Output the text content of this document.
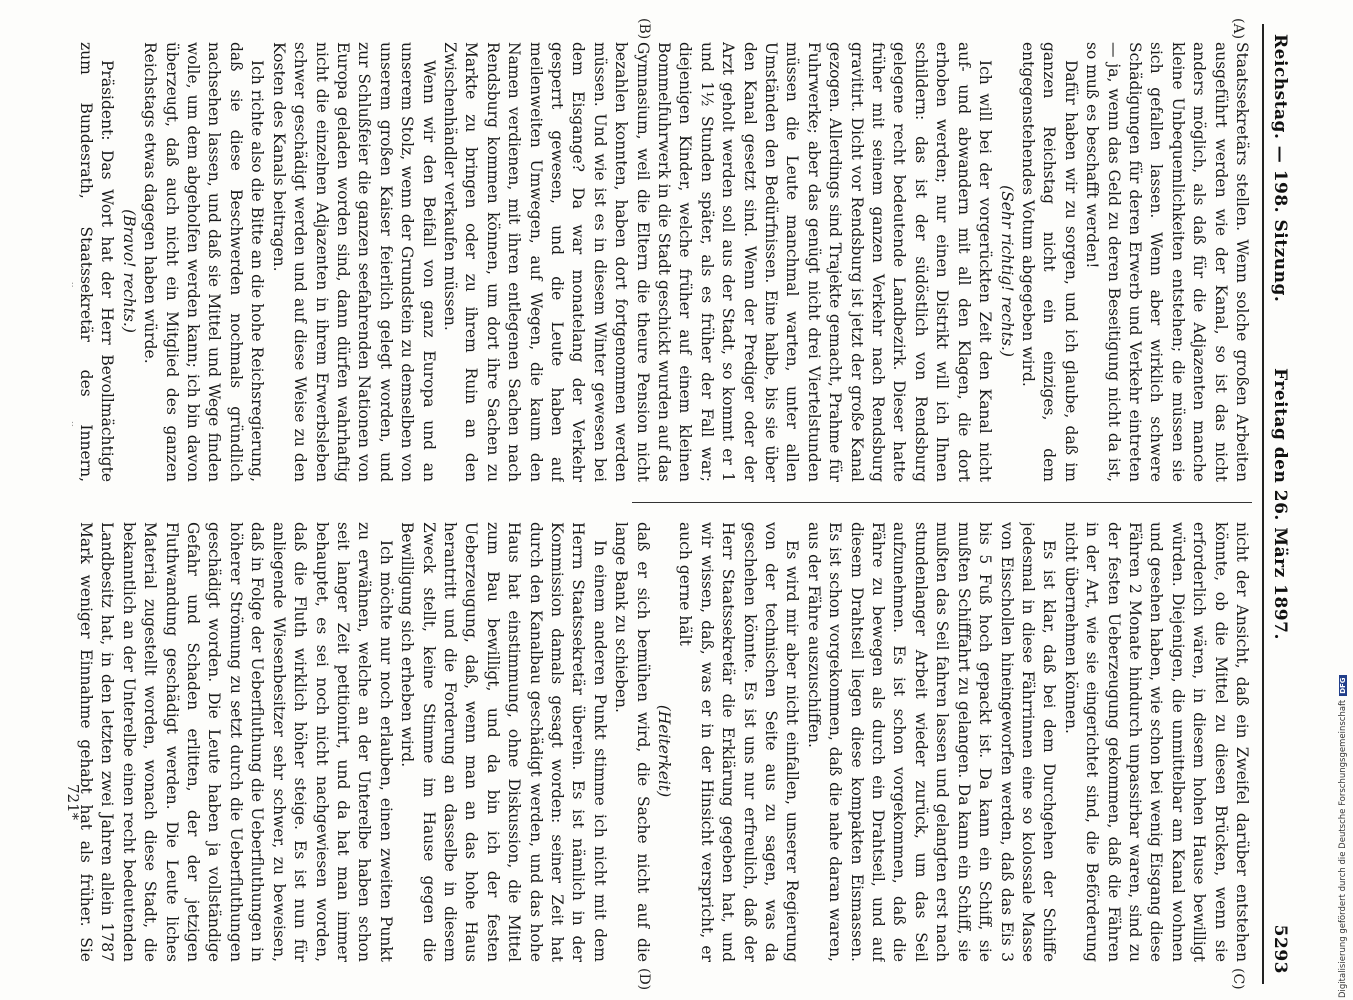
Reichstag. — 198. Sitzung.
Freitag den 26. März 1897.
5293
(A)
(B)
(C)
(D)

Staatssekretärs stellen. Wenn solche großen Arbeiten ausgeführt werden wie der Kanal, so ist das nicht anders möglich, als daß für die Adjazenten manche kleine Unbequemlichkeiten entstehen; die müssen sie sich gefallen lassen. Wenn aber wirklich schwere Schädigungen für deren Erwerb und Verkehr eintreten — ja, wenn das Geld zu deren Beseitigung nicht da ist, so muß es beschafft werden!

Dafür haben wir zu sorgen, und ich glaube, daß im ganzen Reichstag nicht ein einziges, dem entgegenstehendes Votum abgegeben wird.

(Sehr richtig! rechts.)

Ich will bei der vorgerückten Zeit den Kanal nicht auf- und abwandern mit all den Klagen, die dort erhoben werden; nur einen Distrikt will ich Ihnen schildern: das ist der südöstlich von Rendsburg gelegene recht bedeutende Landbezirk. Dieser hatte früher mit seinem ganzen Verkehr nach Rendsburg gravitirt. Dicht vor Rendsburg ist jetzt der große Kanal gezogen. Allerdings sind Trajekte gemacht, Prahme für Fuhrwerke; aber das genügt nicht drei Viertelstunden müssen die Leute manchmal warten, unter allen Umständen den Bedürfnissen. Eine halbe, bis sie über den Kanal gesetzt sind. Wenn der Prediger oder der Arzt geholt werden soll aus der Stadt, so kommt er 1 und 1½ Stunden später, als es früher der Fall war; diejenigen Kinder, welche früher auf einem kleinen Bommelfuhrwerk in die Stadt geschickt wurden auf das Gymnasium, weil die Eltern die theure Pension nicht bezahlen konnten, haben dort fortgenommen werden müssen. Und wie ist es in diesem Winter gewesen bei dem Eisgange? Da war monatelang der Verkehr gesperrt gewesen, und die Leute haben auf meilenweiten Umwegen, auf Wegen, die kaum den Namen verdienen, mit ihren entlegenen Sachen nach Rendsburg kommen können, um dort ihre Sachen zu Markte zu bringen oder zu ihrem Ruin an den Zwischenhändler verkaufen müssen.

Wenn wir den Beifall von ganz Europa und an unserem Stolz, wenn der Grundstein zu demselben von unserem großen Kaiser feierlich gelegt worden, und zur Schlußfeier die ganzen seefahrenden Nationen von Europa geladen worden sind, dann dürfen wahrhaftig nicht die einzelnen Adjazenten in ihrem Erwerbsleben schwer geschädigt werden und auf diese Weise zu den Kosten des Kanals beitragen.

Ich richte also die Bitte an die hohe Reichsregierung, daß sie diese Beschwerden nochmals gründlich nachsehen lassen, und daß sie Mittel und Wege finden wolle, um dem abgeholfen werden kann; ich bin davon überzeugt, daß auch nicht ein Mitglied des ganzen Reichstags etwas dagegen haben würde.

(Bravo! rechts.)

Präsident: Das Wort hat der Herr Bevollmächtigte zum Bundesrath, Staatssekretär des Innern,

nicht der Ansicht, daß ein Zweifel darüber entstehen könnte, ob die Mittel zu diesen Brücken, wenn sie erforderlich wären, in diesem hohen Hause bewilligt würden. Diejenigen, die unmittelbar am Kanal wohnen und gesehen haben, wie schon bei wenig Eisgang diese Fähren 2 Monate hindurch unpassirbar waren, sind zu der festen Ueberzeugung gekommen, daß die Fähren in der Art, wie sie eingerichtet sind, die Beförderung nicht übernehmen können.

Es ist klar, daß bei dem Durchgehen der Schiffe jedesmal in diese Fährrinnen eine so kolossale Masse von Eisschollen hineingeworfen werden, daß das Eis 3 bis 5 Fuß hoch gepackt ist. Da kann ein Schiff, sie mußten Schifffahrt zu gelangen. Da kann ein Schiff, sie mußten das Seil fahren lassen und gelangten erst nach stundenlanger Arbeit wieder zurück, um das Seil aufzunehmen. Es ist schon vorgekommen, daß die Fähre zu bewegen als durch ein Drahtseil, und auf diesem Drahtseil liegen diese kompakten Eismassen. Es ist schon vorgekommen, daß die nahe daran waren, aus der Fähre auszuschiffen.

Es wird mir aber nicht einfallen, unserer Regierung von der technischen Seite aus zu sagen, was da geschehen könnte. Es ist uns nur erfreulich, daß der Herr Staatssekretär die Erklärung gegeben hat, und wir wissen, daß, was er in der Hinsicht verspricht, er auch gerne hält

(Heiterkeit)

daß er sich bemühen wird, die Sache nicht auf die lange Bank zu schieben.

In einem anderen Punkt stimme ich nicht mit dem Herrn Staatssekretär überein. Es ist nämlich in der Kommission damals gesagt worden: seiner Zeit hat durch den Kanalbau geschädigt werden, und das hohe Haus hat einstimmung, ohne Diskussion, die Mittel zum Bau bewilligt, und da bin ich der festen Ueberzeugung, daß, wenn man an das hohe Haus herantritt und die Forderung an dasselbe in diesem Zweck stellt, keine Stimme im Hause gegen die Bewilligung sich erheben wird.

Ich möchte nur noch erlauben, einen zweiten Punkt zu erwähnen, welche an der Unterelbe haben schon seit langer Zeit petitionirt, und da hat man immer behauptet, es sei noch nicht nachgewiesen worden, daß die Fluth wirklich höher steige. Es ist nun für anliegende Wiesenbesitzer sehr schwer, zu beweisen, daß in Folge der Ueberfluthung die Ueberfluthungen in höherer Strömung zu setzt durch die Ueberfluthungen geschädigt worden. Die Leute haben ja vollständige Gefahr und Schaden erlitten, der der jetzigen Fluthwandung geschädigt werden. Die Leute liches Material zugestellt worden, wonach diese Stadt, die bekanntlich an der Unterelbe einen recht bedeutenden Landbesitz hat, in den letzten zwei Jahren allein 1787 Mark weniger Einnahme gehabt hat als früher. Sie

721*	Digitalisierung gefördert durch die Deutsche ForschungsgemeinschaftDFG
